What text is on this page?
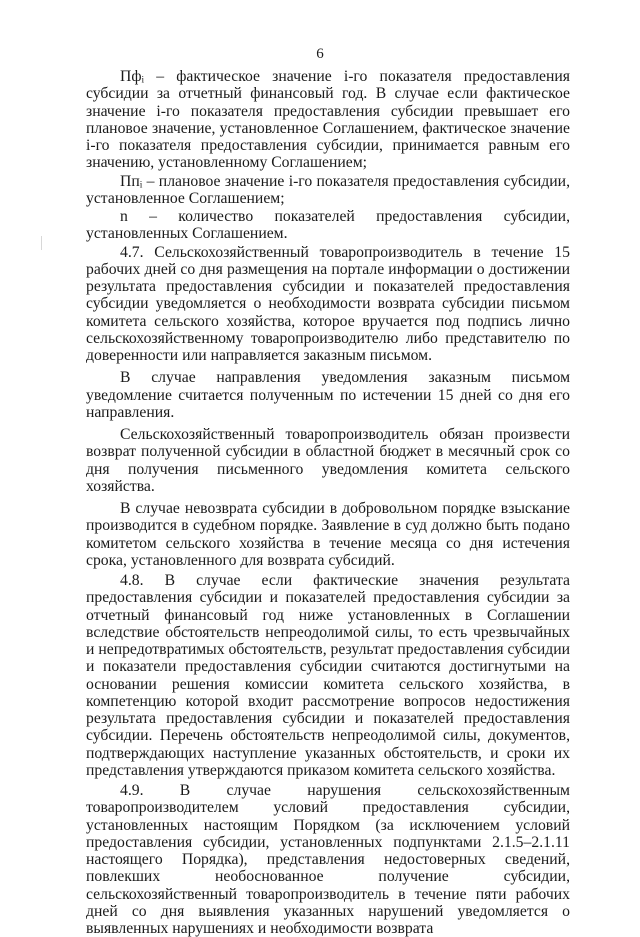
6

Пфᵢ – фактическое значение i-го показателя предоставления субсидии за отчетный финансовый год. В случае если фактическое значение i-го показателя предоставления субсидии превышает его плановое значение, установленное Соглашением, фактическое значение i-го показателя предоставления субсидии, принимается равным его значению, установленному Соглашением;

Ппᵢ – плановое значение i-го показателя предоставления субсидии, установленное Соглашением;

n – количество показателей предоставления субсидии, установленных Соглашением.

4.7. Сельскохозяйственный товаропроизводитель в течение 15 рабочих дней со дня размещения на портале информации о достижении результата предоставления субсидии и показателей предоставления субсидии уведомляется о необходимости возврата субсидии письмом комитета сельского хозяйства, которое вручается под подпись лично сельскохозяйственному товаропроизводителю либо представителю по доверенности или направляется заказным письмом.

В случае направления уведомления заказным письмом уведомление считается полученным по истечении 15 дней со дня его направления.

Сельскохозяйственный товаропроизводитель обязан произвести возврат полученной субсидии в областной бюджет в месячный срок со дня получения письменного уведомления комитета сельского хозяйства.

В случае невозврата субсидии в добровольном порядке взыскание производится в судебном порядке. Заявление в суд должно быть подано комитетом сельского хозяйства в течение месяца со дня истечения срока, установленного для возврата субсидий.

4.8. В случае если фактические значения результата предоставления субсидии и показателей предоставления субсидии за отчетный финансовый год ниже установленных в Соглашении вследствие обстоятельств непреодолимой силы, то есть чрезвычайных и непредотвратимых обстоятельств, результат предоставления субсидии и показатели предоставления субсидии считаются достигнутыми на основании решения комиссии комитета сельского хозяйства, в компетенцию которой входит рассмотрение вопросов недостижения результата предоставления субсидии и показателей предоставления субсидии. Перечень обстоятельств непреодолимой силы, документов, подтверждающих наступление указанных обстоятельств, и сроки их представления утверждаются приказом комитета сельского хозяйства.

4.9. В случае нарушения сельскохозяйственным товаропроизводителем условий предоставления субсидии, установленных настоящим Порядком (за исключением условий предоставления субсидии, установленных подпунктами 2.1.5–2.1.11 настоящего Порядка), представления недостоверных сведений, повлекших необоснованное получение субсидии, сельскохозяйственный товаропроизводитель в течение пяти рабочих дней со дня выявления указанных нарушений уведомляется о выявленных нарушениях и необходимости возврата
